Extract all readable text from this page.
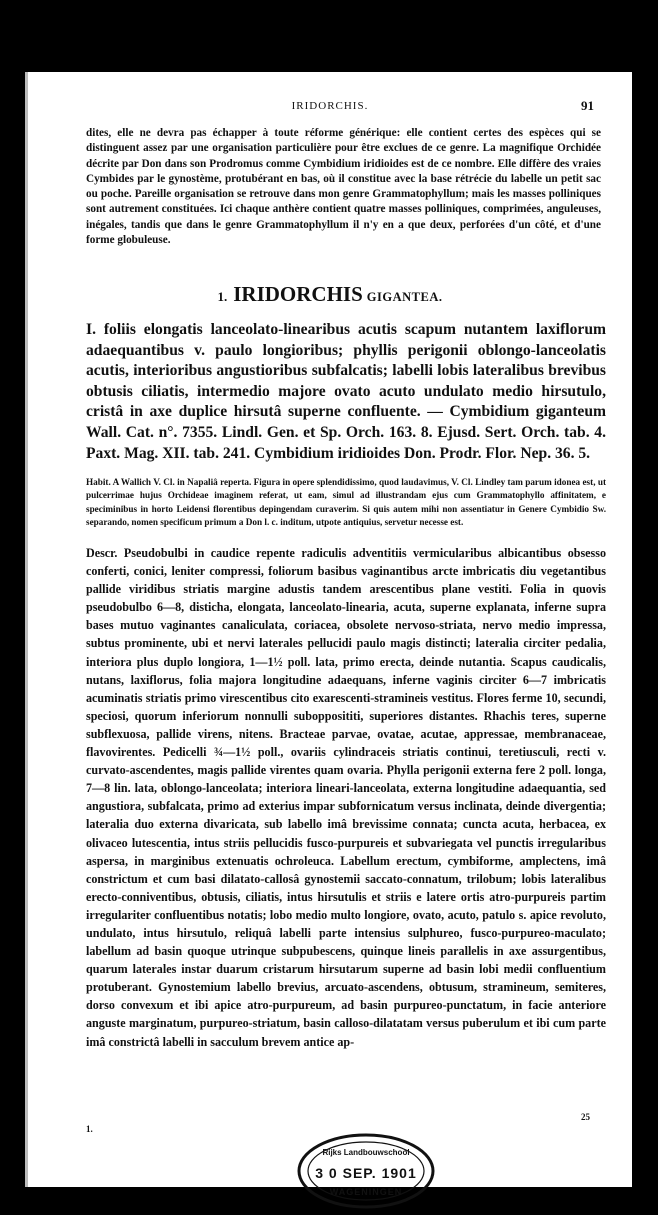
IRIDORCHIS.	91

dites, elle ne devra pas échapper à toute réforme générique: elle contient certes des espèces qui se distinguent assez par une organisation particulière pour être exclues de ce genre. La magnifique Orchidée décrite par Don dans son Prodromus comme Cymbidium iridioides est de ce nombre. Elle diffère des vraies Cymbides par le gynostème, protubérant en bas, où il constitue avec la base rétrécie du labelle un petit sac ou poche. Pareille organisation se retrouve dans mon genre Grammatophyllum; mais les masses polliniques sont autrement constituées. Ici chaque anthère contient quatre masses polliniques, comprimées, anguleuses, inégales, tandis que dans le genre Grammatophyllum il n'y en a que deux, perforées d'un côté, et d'une forme globuleuse.

1. IRIDORCHIS GIGANTEA.

I. foliis elongatis lanceolato-linearibus acutis scapum nutantem laxiflorum adaequantibus v. paulo longioribus; phyllis perigonii oblongo-lanceolatis acutis, interioribus angustioribus subfalcatis; labelli lobis lateralibus brevibus obtusis ciliatis, intermedio majore ovato acuto undulato medio hirsutulo, cristâ in axe duplice hirsutâ superne confluente. — Cymbidium giganteum Wall. Cat. n°. 7355. Lindl. Gen. et Sp. Orch. 163. 8. Ejusd. Sert. Orch. tab. 4. Paxt. Mag. XII. tab. 241. Cymbidium iridioides Don. Prodr. Flor. Nep. 36. 5.

Habit. A Wallich V. Cl. in Napaliâ reperta. Figura in opere splendidissimo, quod laudavimus, V. Cl. Lindley tam parum idonea est, ut pulcerrimae hujus Orchideae imaginem referat, ut eam, simul ad illustrandam ejus cum Grammatophyllo affinitatem, e speciminibus in horto Leidensi florentibus depingendam curaverim. Si quis autem mihi non assentiatur in Genere Cymbidio Sw. separando, nomen specificum primum a Don l. c. inditum, utpote antiquius, servetur necesse est.

Descr. Pseudobulbi in caudice repente radiculis adventitiis vermicularibus albicantibus obsesso conferti, conici, leniter compressi, foliorum basibus vaginantibus arcte imbricatis diu vegetantibus pallide viridibus striatis margine adustis tandem arescentibus plane vestiti. Folia in quovis pseudobulbo 6—8, disticha, elongata, lanceolato-linearia, acuta, superne explanata, inferne supra bases mutuo vaginantes canaliculata, coriacea, obsolete nervoso-striata, nervo medio impressa, subtus prominente, ubi et nervi laterales pellucidi paulo magis distincti; lateralia circiter pedalia, interiora plus duplo longiora, 1—1½ poll. lata, primo erecta, deinde nutantia. Scapus caudicalis, nutans, laxiflorus, folia majora longitudine adaequans, inferne vaginis circiter 6—7 imbricatis acuminatis striatis primo virescentibus cito exarescenti-stramineis vestitus. Flores ferme 10, secundi, speciosi, quorum inferiorum nonnulli subopposititi, superiores distantes. Rhachis teres, superne subflexuosa, pallide virens, nitens. Bracteae parvae, ovatae, acutae, appressae, membranaceae, flavovirentes. Pedicelli ¾—1½ poll., ovariis cylindraceis striatis continui, teretiusculi, recti v. curvato-ascendentes, magis pallide virentes quam ovaria. Phylla perigonii externa fere 2 poll. longa, 7—8 lin. lata, oblongo-lanceolata; interiora lineari-lanceolata, externa longitudine adaequantia, sed angustiora, subfalcata, primo ad exterius impar subfornicatum versus inclinata, deinde divergentia; lateralia duo externa divaricata, sub labello imâ brevissime connata; cuncta acuta, herbacea, ex olivaceo lutescentia, intus striis pellucidis fusco-purpureis et subvariegata vel punctis irregularibus aspersa, in marginibus extenuatis ochroleuca. Labellum erectum, cymbiforme, amplectens, imâ constrictum et cum basi dilatato-callosâ gynostemii saccato-connatum, trilobum; lobis lateralibus erecto-conniventibus, obtusis, ciliatis, intus hirsutulis et striis e latere ortis atro-purpureis partim irregulariter confluentibus notatis; lobo medio multo longiore, ovato, acuto, patulo s. apice revoluto, undulato, intus hirsutulo, reliquâ labelli parte intensius sulphureo, fusco-purpureo-maculato; labellum ad basin quoque utrinque subpubescens, quinque lineis parallelis in axe assurgentibus, quarum laterales instar duarum cristarum hirsutarum superne ad basin lobi medii confluentium protuberant. Gynostemium labello brevius, arcuato-ascendens, obtusum, stramineum, semiteres, dorso convexum et ibi apice atro-purpureum, ad basin purpureo-punctatum, in facie anteriore anguste marginatum, purpureo-striatum, basin calloso-dilatatam versus puberulum et ibi cum parte imâ constrictâ labelli in sacculum brevem antice ap-

1.
25
Rijks Landbouwschool
3 0 SEP. 1901
WAGENINGEN
